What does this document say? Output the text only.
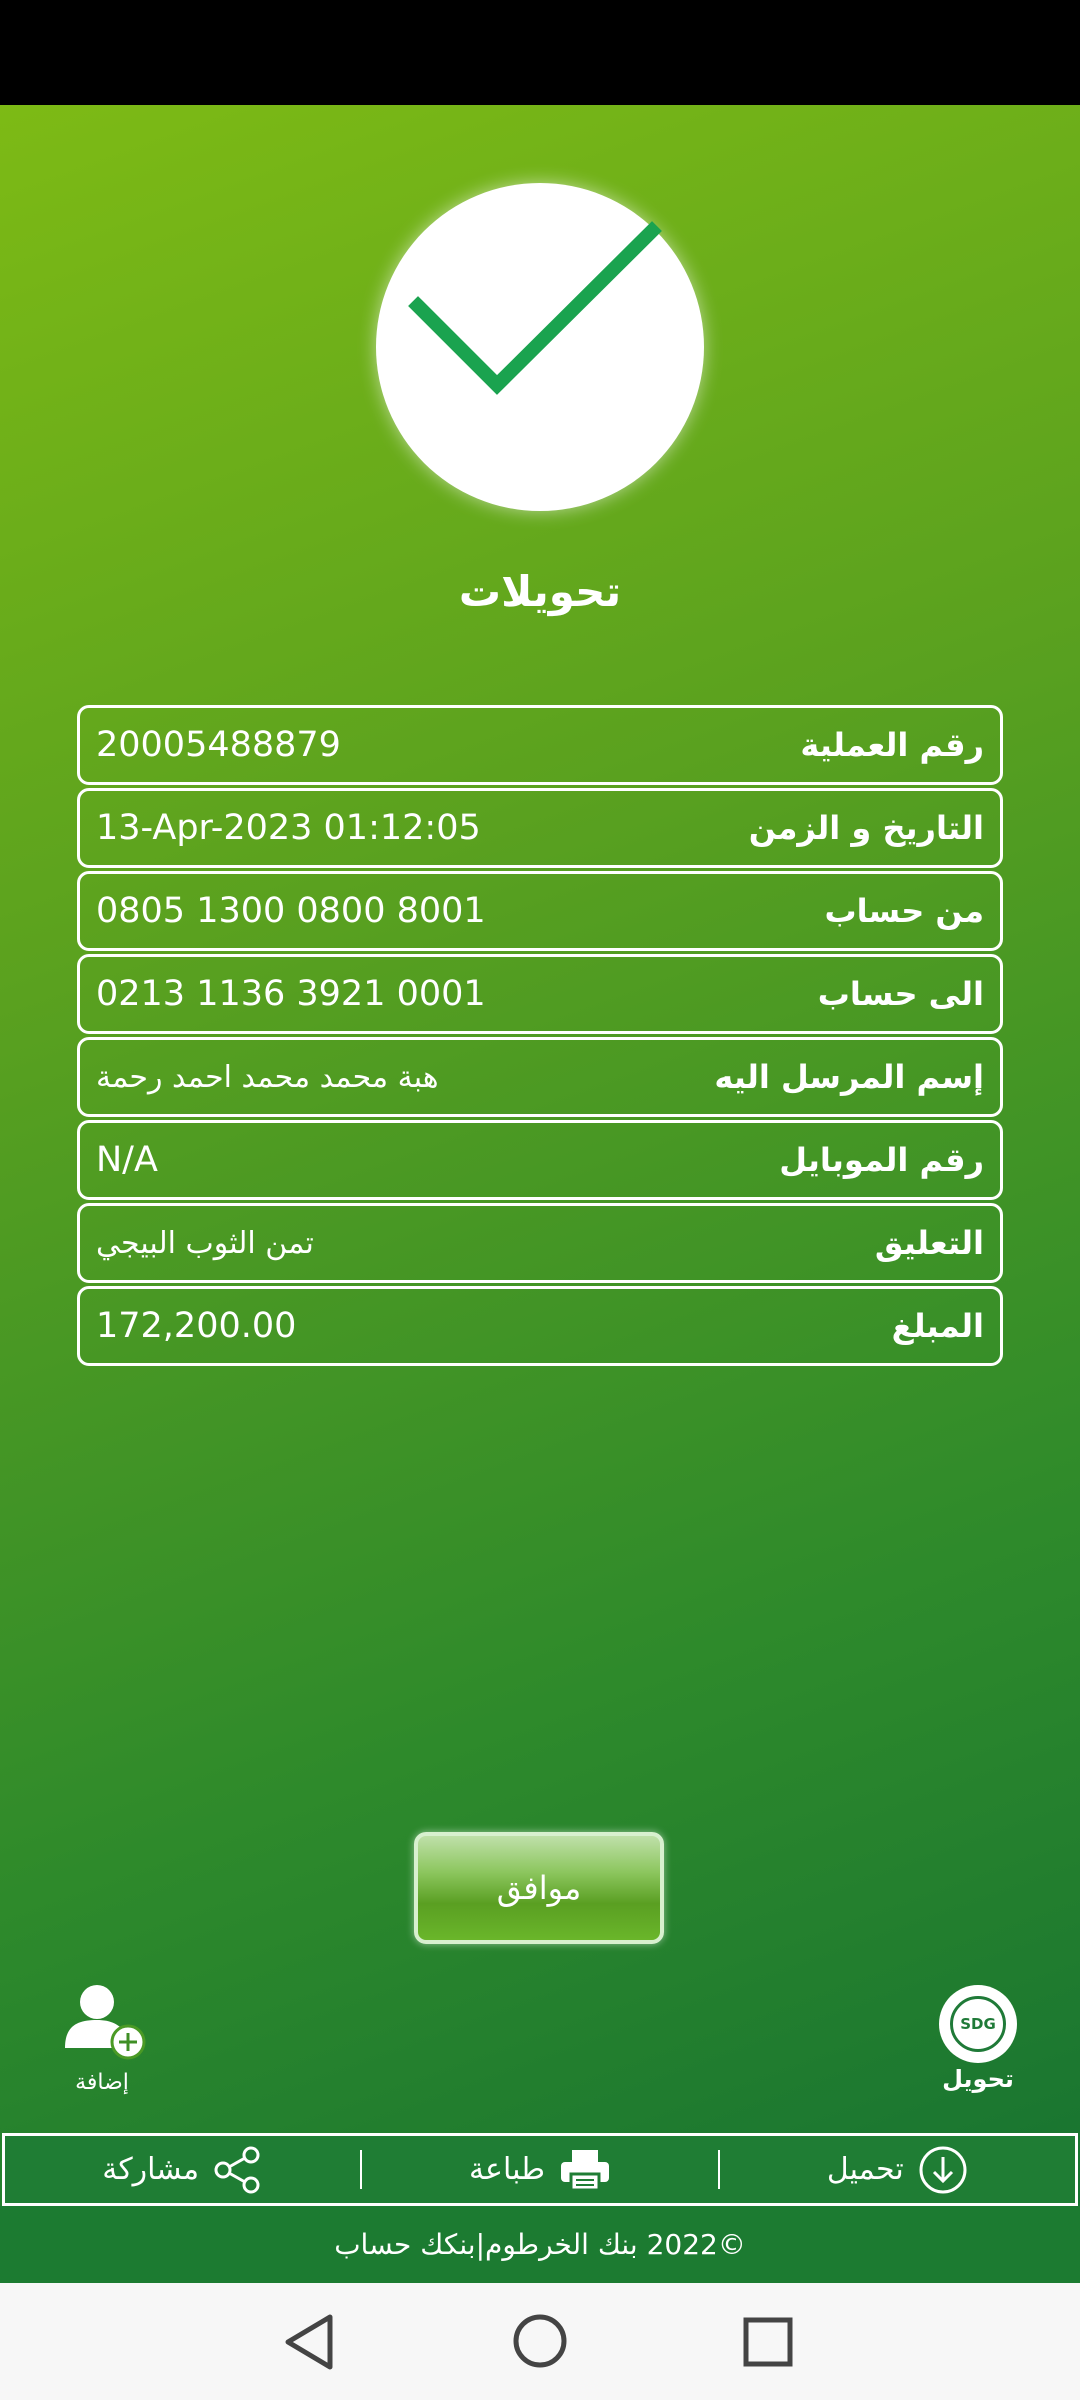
تحويلات
20005488879	رقم العملية
13-Apr-2023 01:12:05	التاريخ و الزمن
0805 1300 0800 8001	من حساب
0213 1136 3921 0001	الى حساب
هبة محمد محمد احمد رحمة	إسم المرسل اليه
N/A	رقم الموبايل
تمن الثوب البيجي	التعليق
172,200.00	المبلغ
موافق
إضافة
SDG
تحويل
مشاركة	طباعة	تحميل
©2022 بنك الخرطوم|بنكك حساب
